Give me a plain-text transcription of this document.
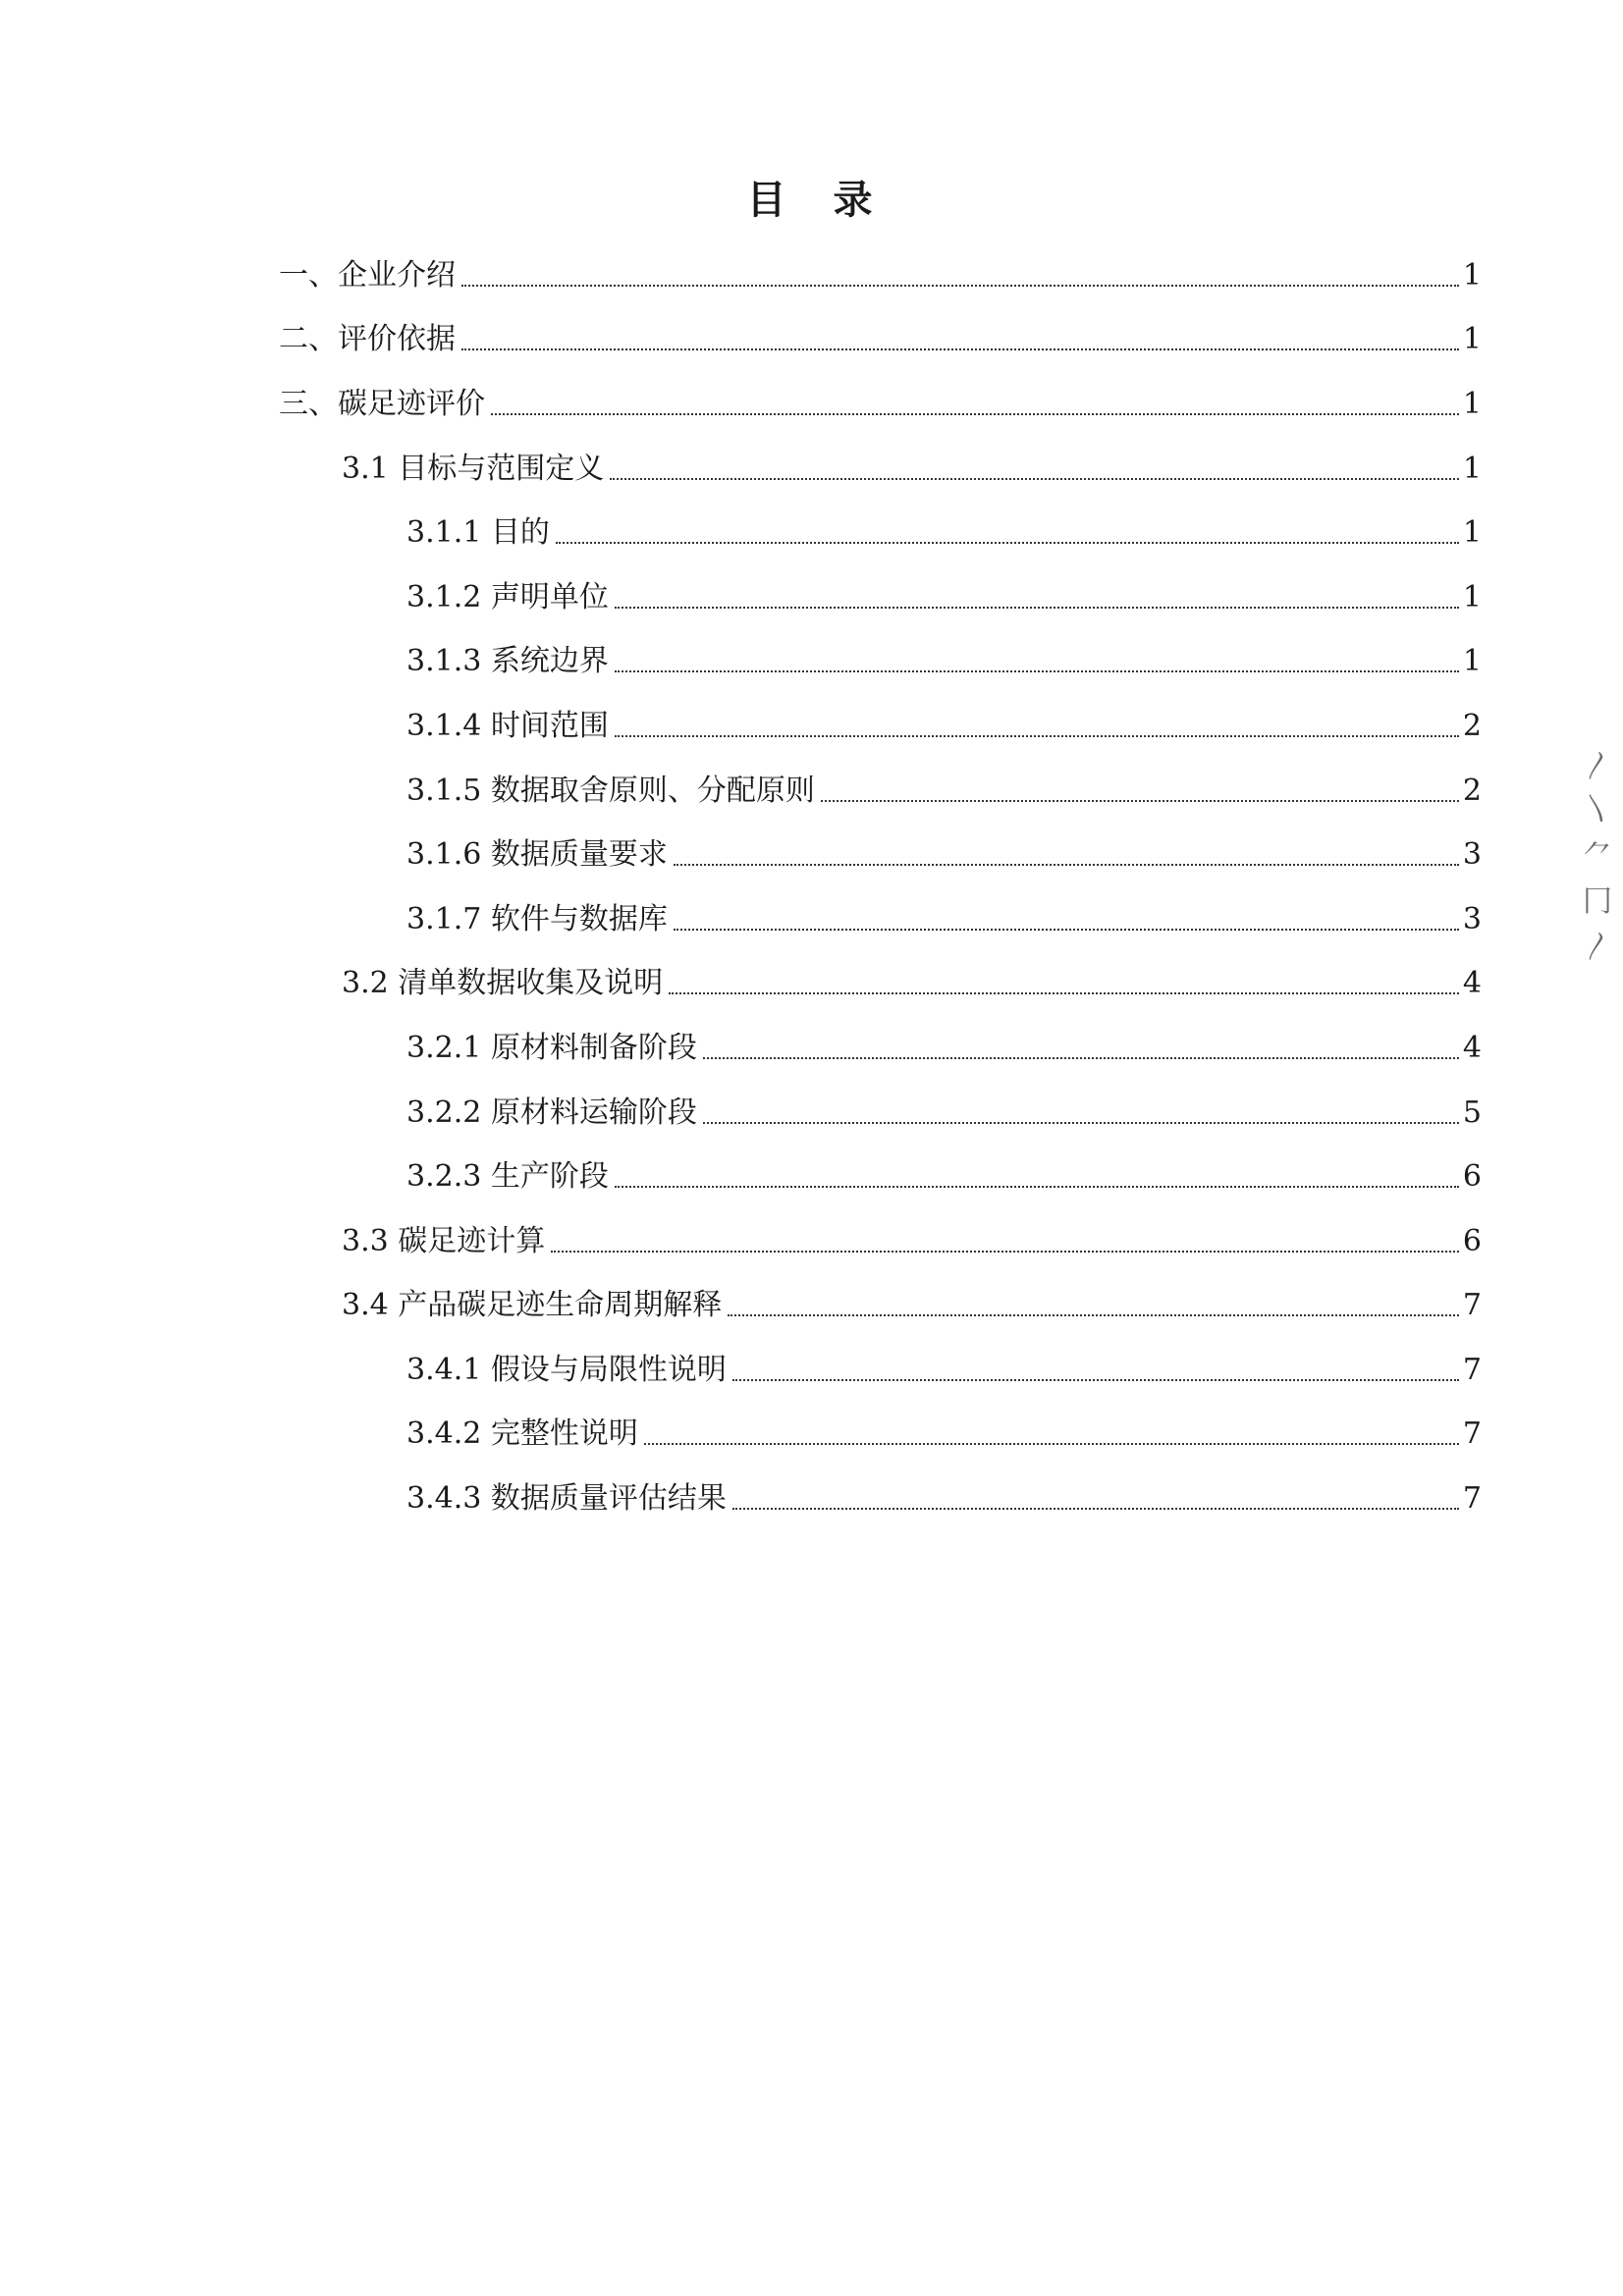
目　录
一、企业介绍	1
二、评价依据	1
三、碳足迹评价	1
3.1 目标与范围定义	1
3.1.1 目的	1
3.1.2 声明单位	1
3.1.3 系统边界	1
3.1.4 时间范围	2
3.1.5 数据取舍原则、分配原则	2
3.1.6 数据质量要求	3
3.1.7 软件与数据库	3
3.2 清单数据收集及说明	4
3.2.1 原材料制备阶段	4
3.2.2 原材料运输阶段	5
3.2.3 生产阶段	6
3.3 碳足迹计算	6
3.4 产品碳足迹生命周期解释	7
3.4.1 假设与局限性说明	7
3.4.2 完整性说明	7
3.4.3 数据质量评估结果	7
〳
〵
⺈
冂
〳
